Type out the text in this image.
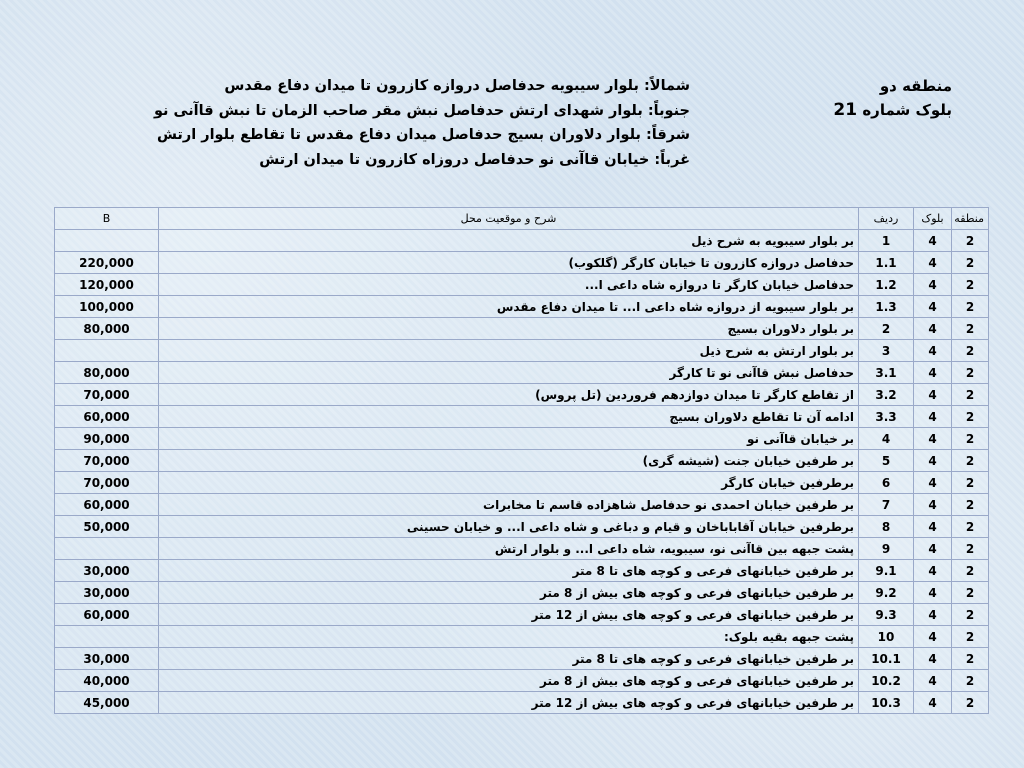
منطقه دو
بلوک شماره 21
شمالاً: بلوار سیبویه حدفاصل دروازه کازرون تا میدان دفاع مقدس
جنوباً: بلوار شهدای ارتش حدفاصل نبش مقر صاحب الزمان تا نبش قاآنی نو
شرقاً: بلوار دلاوران بسیج حدفاصل میدان دفاع مقدس تا تقاطع بلوار ارتش
غرباً: خیابان قاآنی نو حدفاصل دروزاه کازرون تا میدان ارتش
منطقه	بلوک	ردیف	شرح و موقعیت محل	B
2	4	1	بر بلوار سیبویه به شرح ذیل	
2	4	1.1	حدفاصل دروازه کازرون تا خیابان کارگر (گلکوب)	220,000
2	4	1.2	حدفاصل خیابان کارگر تا دروازه شاه داعی ا...	120,000
2	4	1.3	بر بلوار سیبویه از دروازه شاه داعی ا... تا میدان دفاع مقدس	100,000
2	4	2	بر بلوار دلاوران بسیج	80,000
2	4	3	بر بلوار ارتش به شرح ذیل	
2	4	3.1	حدفاصل نبش قاآنی نو تا کارگر	80,000
2	4	3.2	از تقاطع کارگر تا میدان دوازدهم فروردین (تل پروس)	70,000
2	4	3.3	ادامه آن تا تقاطع دلاوران بسیج	60,000
2	4	4	بر خیابان قاآنی نو	90,000
2	4	5	بر طرفین خیابان جنت (شیشه گری)	70,000
2	4	6	برطرفین خیابان کارگر	70,000
2	4	7	بر طرفین خیابان احمدی نو حدفاصل شاهزاده قاسم تا مخابرات	60,000
2	4	8	برطرفین خیابان آقاباباخان و قیام و دباغی و شاه داعی ا... و خیابان حسینی	50,000
2	4	9	پشت جبهه بین قاآنی نو، سیبویه، شاه داعی ا... و بلوار ارتش	
2	4	9.1	بر طرفین خیابانهای فرعی و کوچه های تا 8 متر	30,000
2	4	9.2	بر طرفین خیابانهای فرعی و کوچه های بیش از 8 متر	30,000
2	4	9.3	بر طرفین خیابانهای فرعی و کوچه های بیش از 12 متر	60,000
2	4	10	پشت جبهه بقیه بلوک:	
2	4	10.1	بر طرفین خیابانهای فرعی و کوچه های تا 8 متر	30,000
2	4	10.2	بر طرفین خیابانهای فرعی و کوچه های بیش از 8 متر	40,000
2	4	10.3	بر طرفین خیابانهای فرعی و کوچه های بیش از 12 متر	45,000
